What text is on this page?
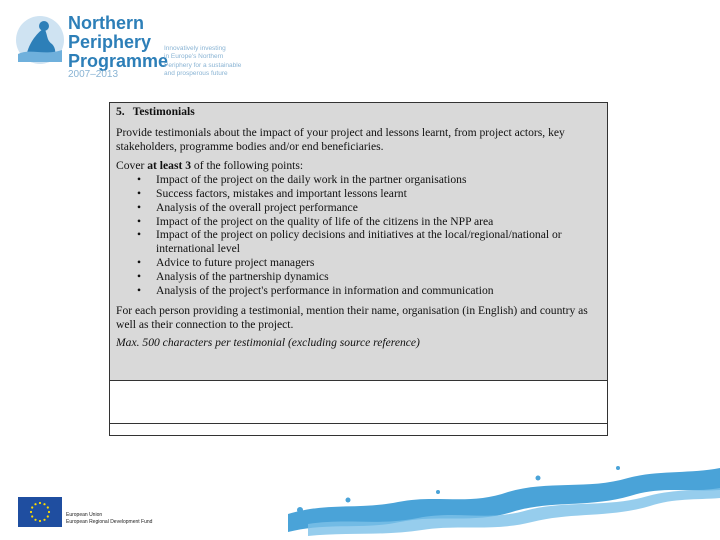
Northern
Periphery
Programme
2007–2013
Innovatively investing
in Europe's Northern
Periphery for a sustainable
and prosperous future

5. Testimonials

Provide testimonials about the impact of your project and lessons learnt, from project actors, key stakeholders, programme bodies and/or end beneficiaries.

Cover at least 3 of the following points:

• Impact of the project on the daily work in the partner organisations
• Success factors, mistakes and important lessons learnt
• Analysis of the overall project performance
• Impact of the project on the quality of life of the citizens in the NPP area
• Impact of the project on policy decisions and initiatives at the local/regional/national or international level
• Advice to future project managers
• Analysis of the partnership dynamics
• Analysis of the project's performance in information and communication

For each person providing a testimonial, mention their name, organisation (in English) and country as well as their connection to the project.

Max. 500 characters per testimonial (excluding source reference)

European Union
European Regional Development Fund
